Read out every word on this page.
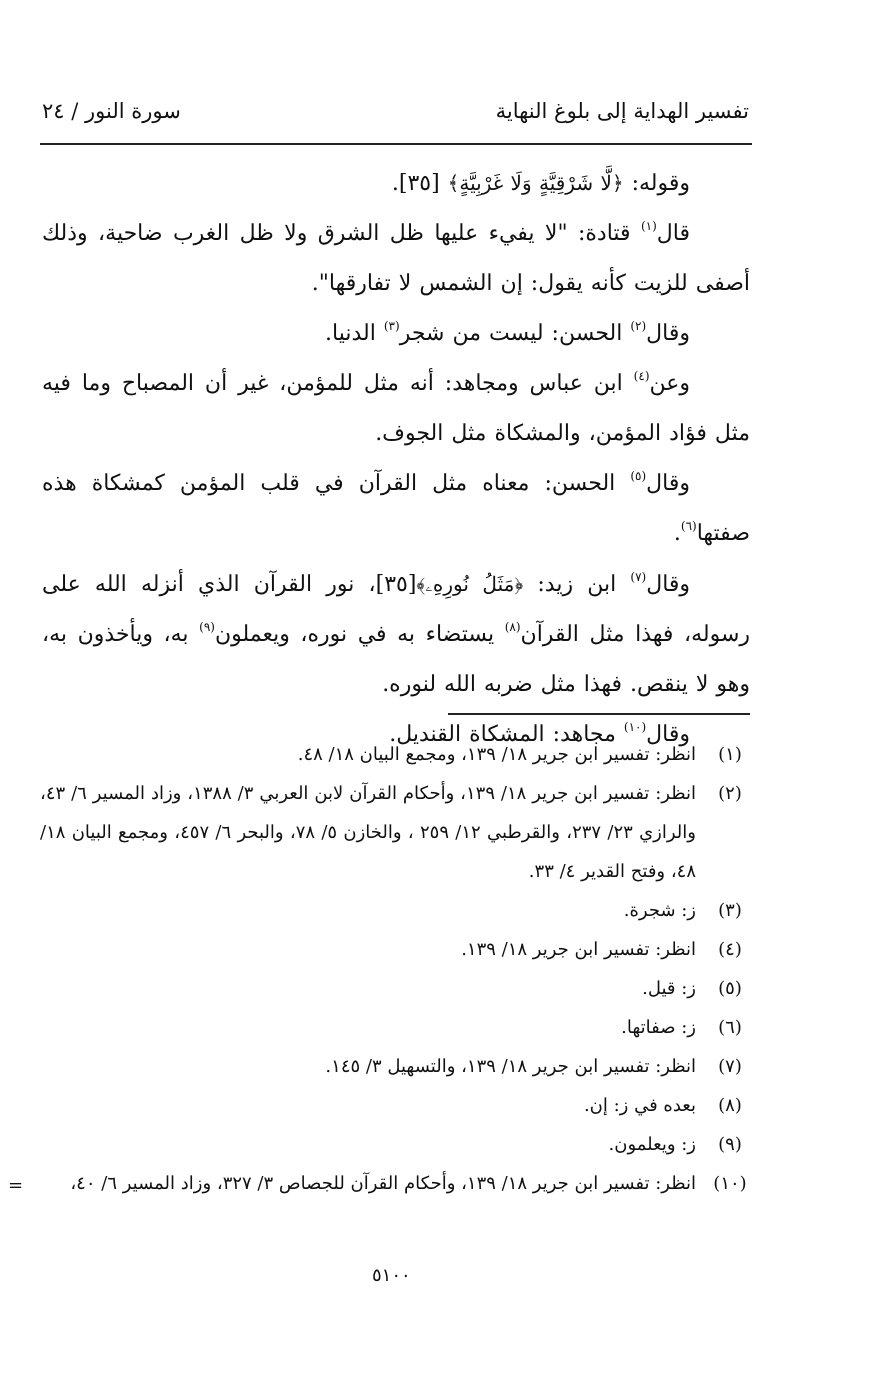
تفسير الهداية إلى بلوغ النهاية
سورة النور / ٢٤

وقوله: ﴿لَّا شَرْقِيَّةٍ وَلَا غَرْبِيَّةٍ﴾ [٣٥].

قال$^{(١)}$ قتادة: "لا يفيء عليها ظل الشرق ولا ظل الغرب ضاحية، وذلك أصفى للزيت كأنه يقول: إن الشمس لا تفارقها".

وقال$^{(٢)}$ الحسن: ليست من شجر$^{(٣)}$ الدنيا.

وعن$^{(٤)}$ ابن عباس ومجاهد: أنه مثل للمؤمن، غير أن المصباح وما فيه مثل فؤاد المؤمن، والمشكاة مثل الجوف.

وقال$^{(٥)}$ الحسن: معناه مثل القرآن في قلب المؤمن كمشكاة هذه صفتها$^{(٦)}$.

وقال$^{(٧)}$ ابن زيد: ﴿مَثَلُ نُورِهِۦ﴾[٣٥]، نور القرآن الذي أنزله الله على رسوله، فهذا مثل القرآن$^{(٨)}$ يستضاء به في نوره، ويعملون$^{(٩)}$ به، ويأخذون به، وهو لا ينقص. فهذا مثل ضربه الله لنوره.

وقال$^{(١٠)}$ مجاهد: المشكاة القنديل.

(١)
انظر: تفسير ابن جرير ١٨/ ١٣٩، ومجمع البيان ١٨/ ٤٨.
(٢)
انظر: تفسير ابن جرير ١٨/ ١٣٩، وأحكام القرآن لابن العربي ٣/ ١٣٨٨، وزاد المسير ٦/ ٤٣، والرازي ٢٣/ ٢٣٧، والقرطبي ١٢/ ٢٥٩ ، والخازن ٥/ ٧٨، والبحر ٦/ ٤٥٧، ومجمع البيان ١٨/ ٤٨، وفتح القدير ٤/ ٣٣.
(٣)
ز: شجرة.
(٤)
انظر: تفسير ابن جرير ١٨/ ١٣٩.
(٥)
ز: قيل.
(٦)
ز: صفاتها.
(٧)
انظر: تفسير ابن جرير ١٨/ ١٣٩، والتسهيل ٣/ ١٤٥.
(٨)
بعده في ز: إن.
(٩)
ز: ويعلمون.
(١٠)
انظر: تفسير ابن جرير ١٨/ ١٣٩، وأحكام القرآن للجصاص ٣/ ٣٢٧، وزاد المسير ٦/ ٤٠،
=
٥١٠٠
